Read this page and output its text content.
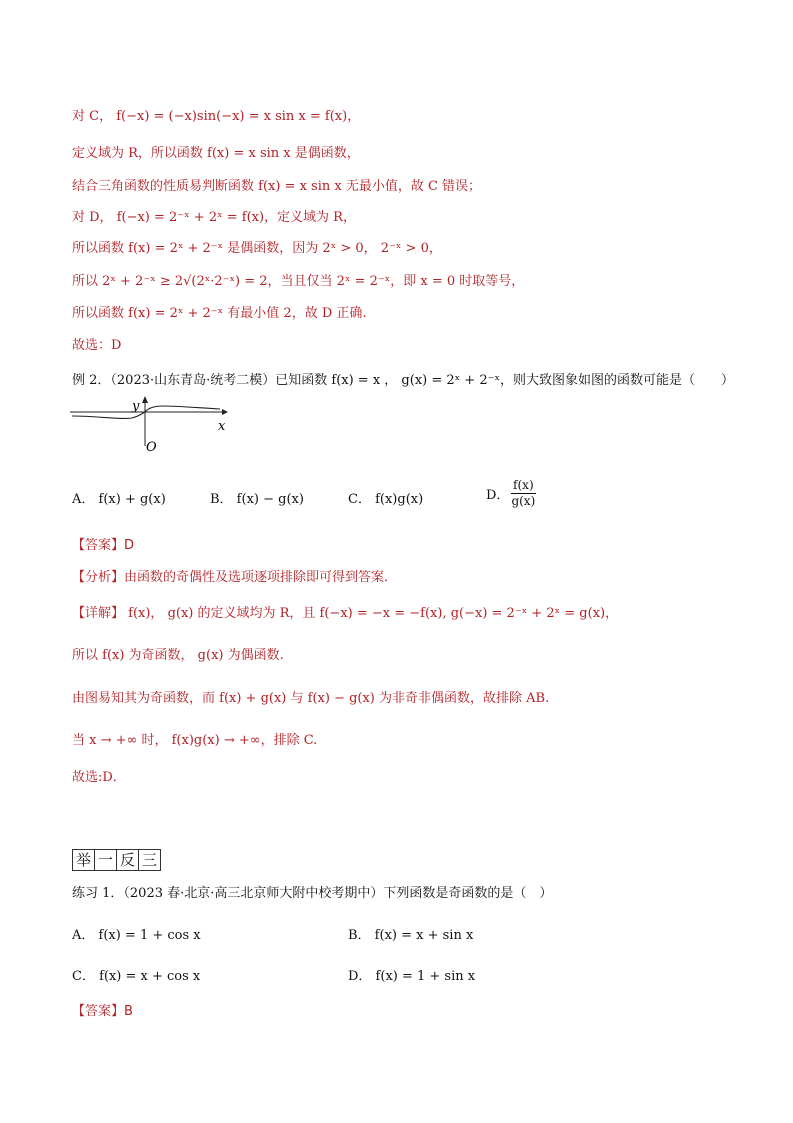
对 C， f(−x) = (−x)sin(−x) = x sin x = f(x)，
定义域为 R，所以函数 f(x) = x sin x 是偶函数，
结合三角函数的性质易判断函数 f(x) = x sin x 无最小值，故 C 错误；
对 D， f(−x) = 2⁻ˣ + 2ˣ = f(x)，定义域为 R，
所以函数 f(x) = 2ˣ + 2⁻ˣ 是偶函数，因为 2ˣ > 0， 2⁻ˣ > 0，
所以 2ˣ + 2⁻ˣ ≥ 2√(2ˣ·2⁻ˣ) = 2，当且仅当 2ˣ = 2⁻ˣ，即 x = 0 时取等号，
所以函数 f(x) = 2ˣ + 2⁻ˣ 有最小值 2，故 D 正确.
故选：D
例 2．（2023·山东青岛·统考二模）已知函数 f(x) = x ， g(x) = 2ˣ + 2⁻ˣ，则大致图象如图的函数可能是（　　）
y
x
O
A． f(x) + g(x)	B． f(x) − g(x)	C． f(x)g(x)	D． $\frac{f(x)}{g(x)}$
【答案】D
【分析】由函数的奇偶性及选项逐项排除即可得到答案．
【详解】 f(x)， g(x) 的定义域均为 R，且 f(−x) = −x = −f(x), g(−x) = 2⁻ˣ + 2ˣ = g(x)，
所以 f(x) 为奇函数， g(x) 为偶函数.
由图易知其为奇函数，而 f(x) + g(x) 与 f(x) − g(x) 为非奇非偶函数，故排除 AB.
当 x → +∞ 时， f(x)g(x) → +∞，排除 C.
故选:D．
举 一 反 三
练习 1．（2023 春·北京·高三北京师大附中校考期中）下列函数是奇函数的是（　）
A． f(x) = 1 + cos x	B． f(x) = x + sin x
C． f(x) = x + cos x	D． f(x) = 1 + sin x
【答案】B
